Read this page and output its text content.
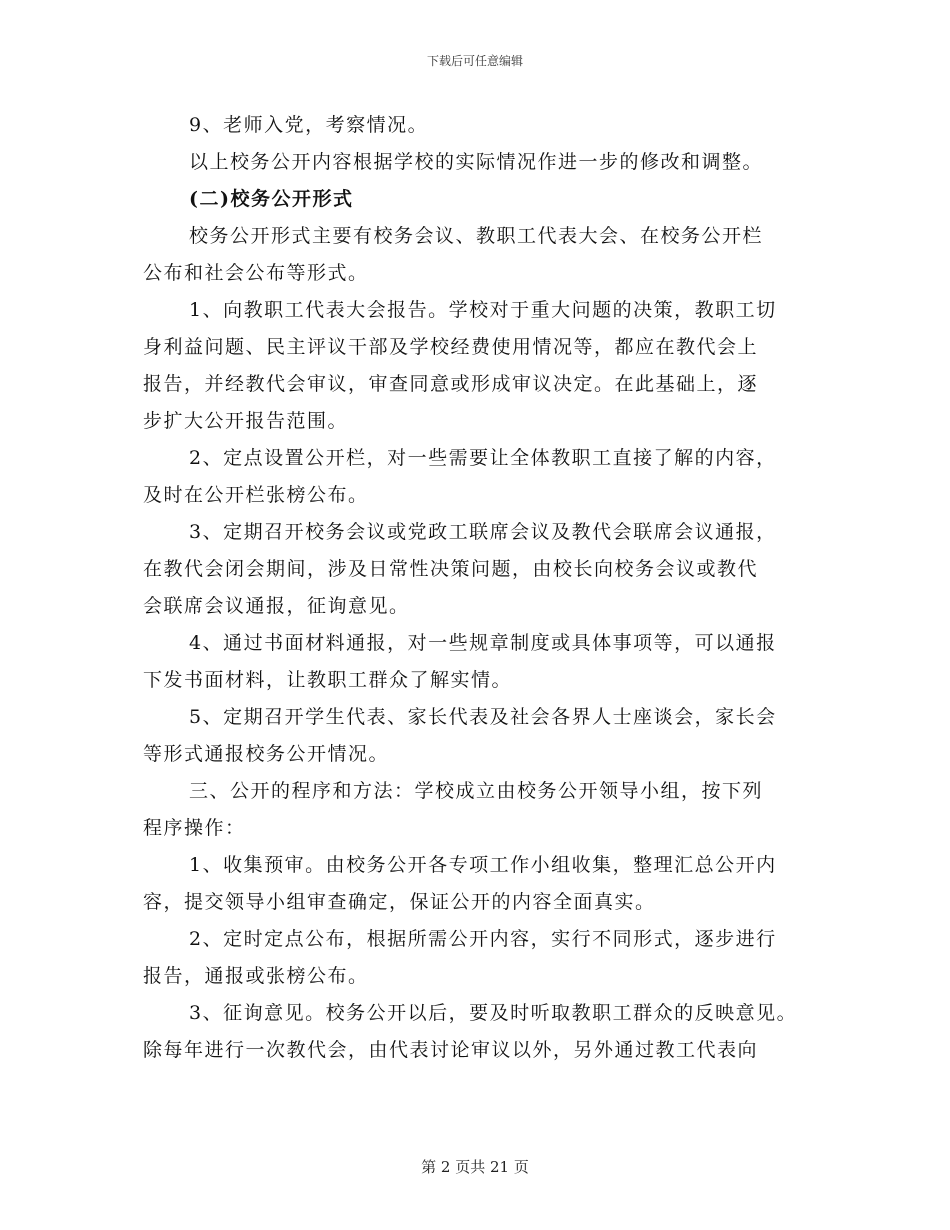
下载后可任意编辑

9、老师入党，考察情况。

以上校务公开内容根据学校的实际情况作进一步的修改和调整。

(二)校务公开形式

校务公开形式主要有校务会议、教职工代表大会、在校务公开栏
公布和社会公布等形式。

1、向教职工代表大会报告。学校对于重大问题的决策，教职工切
身利益问题、民主评议干部及学校经费使用情况等，都应在教代会上
报告，并经教代会审议，审查同意或形成审议决定。在此基础上，逐
步扩大公开报告范围。

2、定点设置公开栏，对一些需要让全体教职工直接了解的内容，
及时在公开栏张榜公布。

3、定期召开校务会议或党政工联席会议及教代会联席会议通报，
在教代会闭会期间，涉及日常性决策问题，由校长向校务会议或教代
会联席会议通报，征询意见。

4、通过书面材料通报，对一些规章制度或具体事项等，可以通报
下发书面材料，让教职工群众了解实情。

5、定期召开学生代表、家长代表及社会各界人士座谈会，家长会
等形式通报校务公开情况。

三、公开的程序和方法：学校成立由校务公开领导小组，按下列
程序操作：

1、收集预审。由校务公开各专项工作小组收集，整理汇总公开内
容，提交领导小组审查确定，保证公开的内容全面真实。

2、定时定点公布，根据所需公开内容，实行不同形式，逐步进行
报告，通报或张榜公布。

3、征询意见。校务公开以后，要及时听取教职工群众的反映意见。
除每年进行一次教代会，由代表讨论审议以外，另外通过教工代表向

第 2 页共 21 页
